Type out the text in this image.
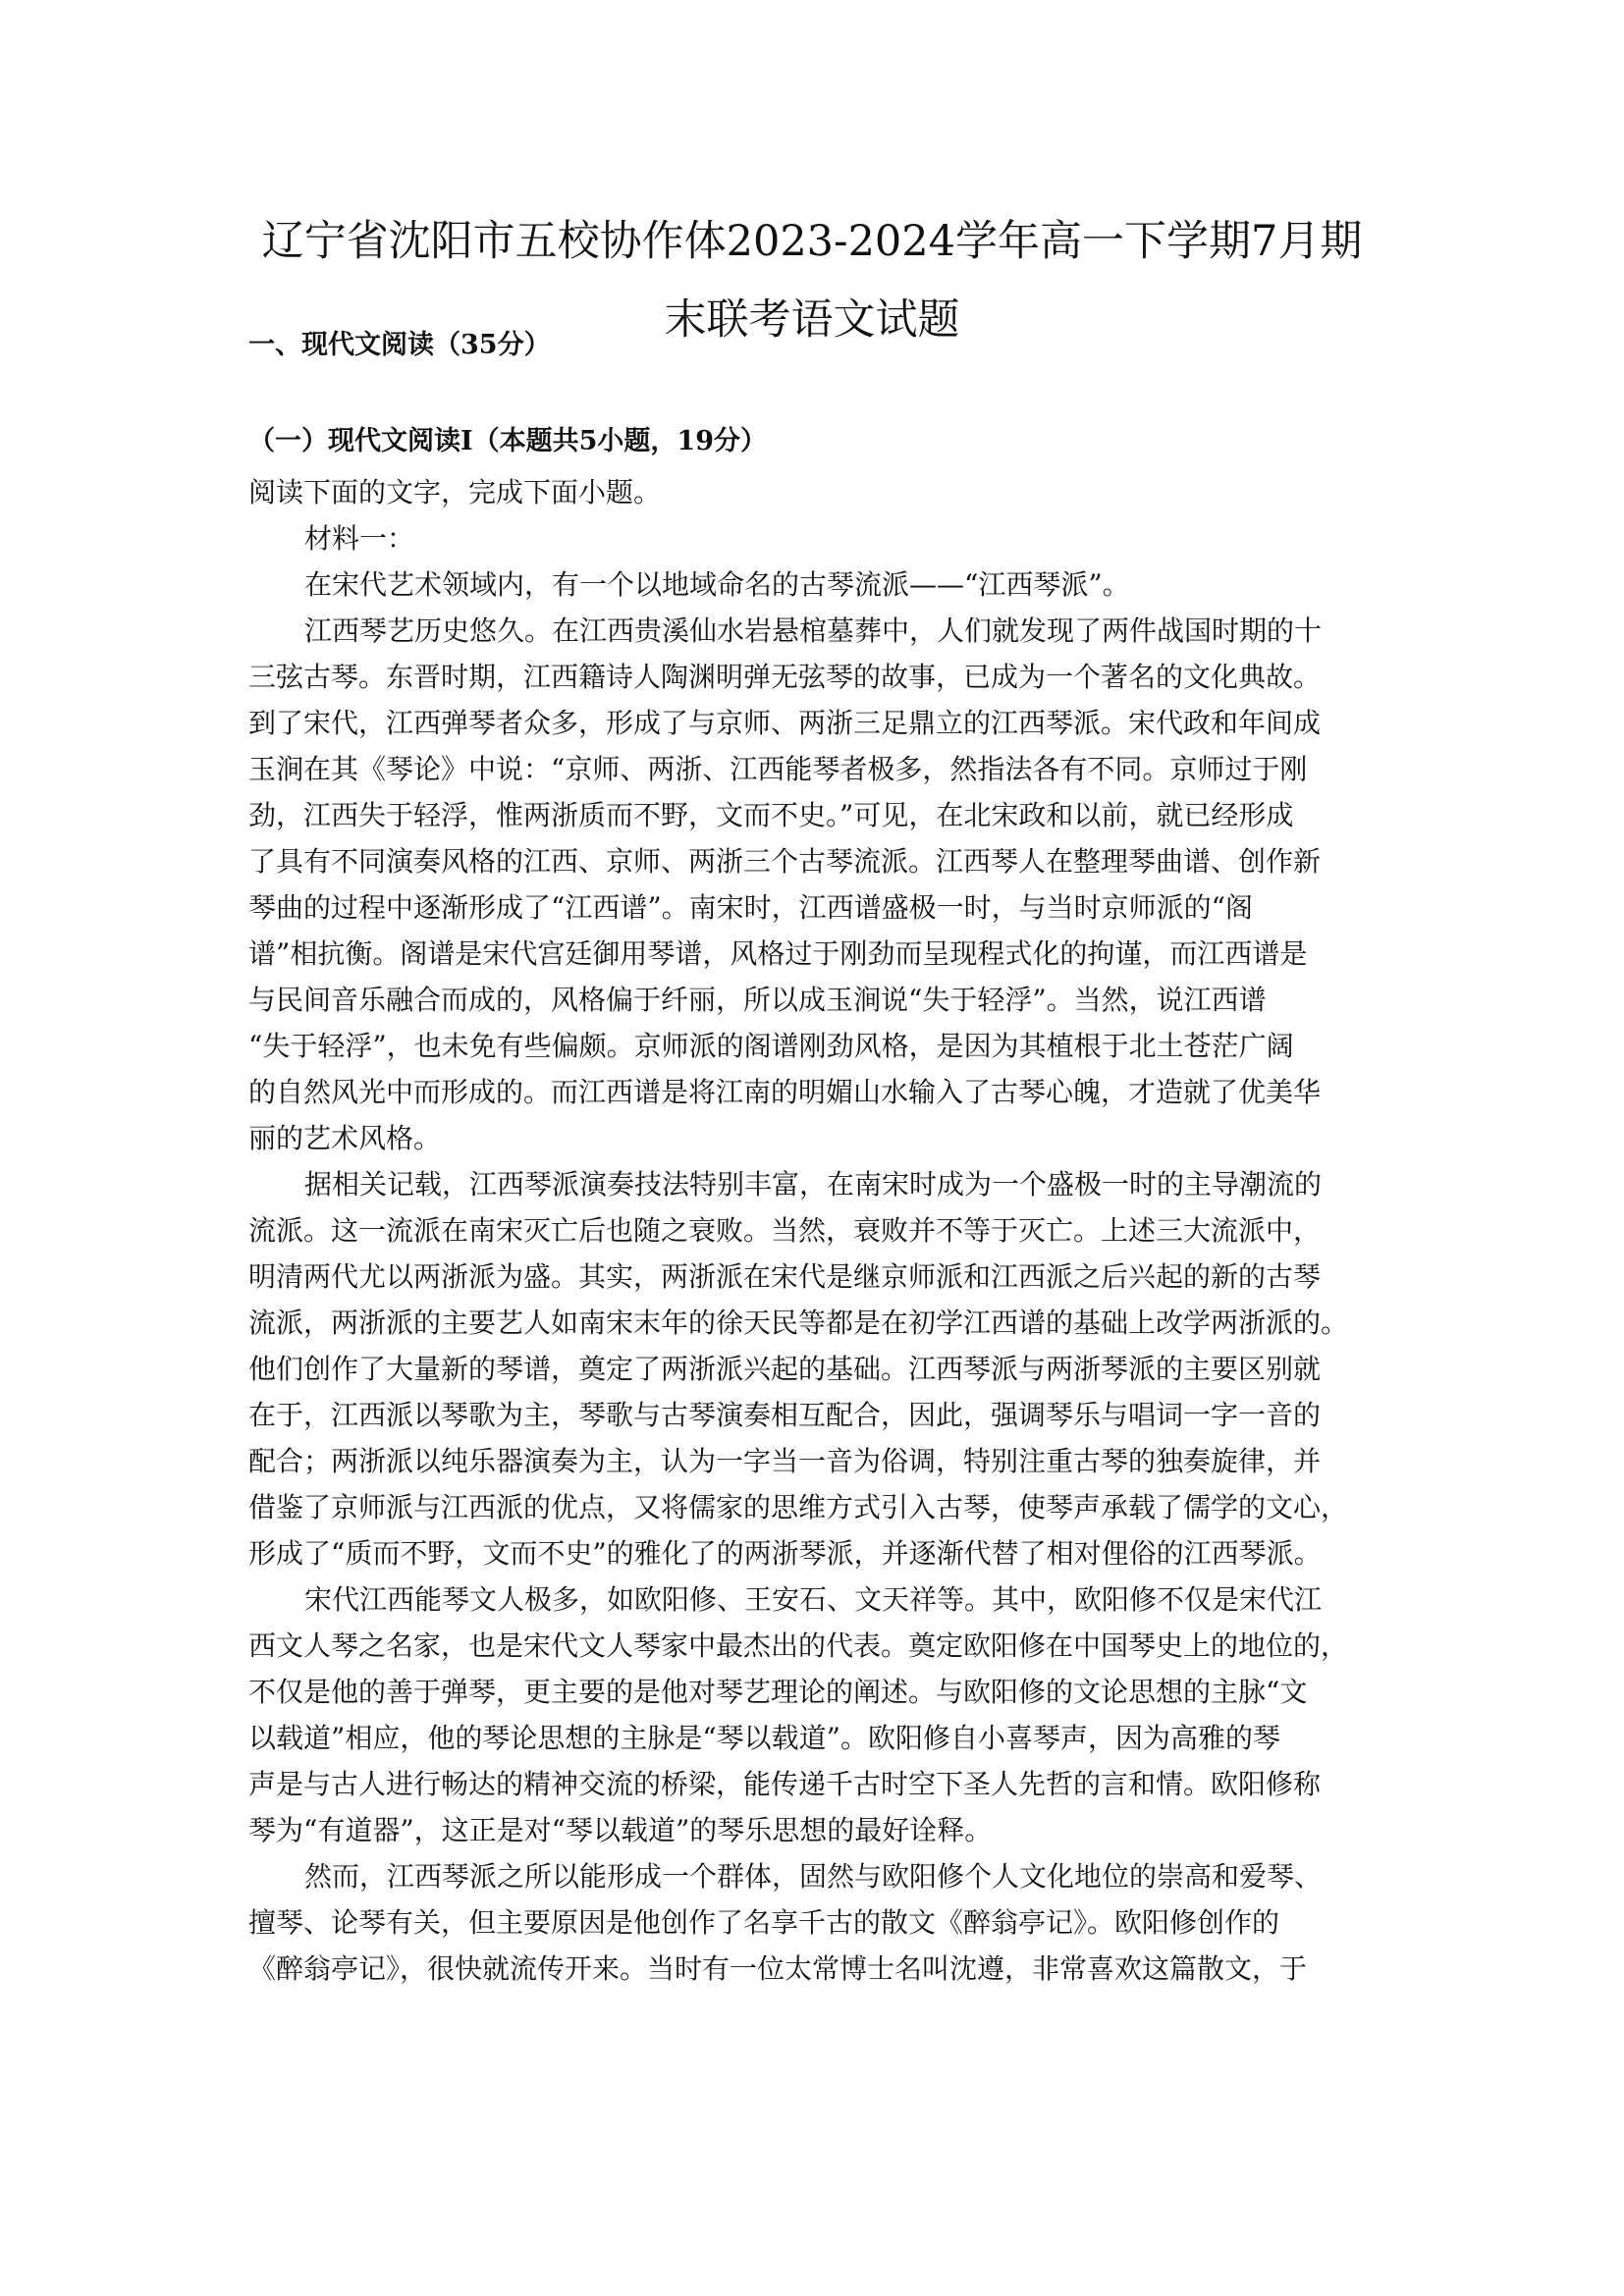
辽宁省沈阳市五校协作体2023-2024学年高一下学期7月期
末联考语文试题
一、现代文阅读（35分）
（一）现代文阅读Ⅰ（本题共5小题，19分）
阅读下面的文字，完成下面小题。
材料一：
在宋代艺术领域内，有一个以地域命名的古琴流派——“江西琴派”。
江西琴艺历史悠久。在江西贵溪仙水岩悬棺墓葬中，人们就发现了两件战国时期的十
三弦古琴。东晋时期，江西籍诗人陶渊明弹无弦琴的故事，已成为一个著名的文化典故。
到了宋代，江西弹琴者众多，形成了与京师、两浙三足鼎立的江西琴派。宋代政和年间成
玉涧在其《琴论》中说：“京师、两浙、江西能琴者极多，然指法各有不同。京师过于刚
劲，江西失于轻浮，惟两浙质而不野，文而不史。”可见，在北宋政和以前，就已经形成
了具有不同演奏风格的江西、京师、两浙三个古琴流派。江西琴人在整理琴曲谱、创作新
琴曲的过程中逐渐形成了“江西谱”。南宋时，江西谱盛极一时，与当时京师派的“阁
谱”相抗衡。阁谱是宋代宫廷御用琴谱，风格过于刚劲而呈现程式化的拘谨，而江西谱是
与民间音乐融合而成的，风格偏于纤丽，所以成玉涧说“失于轻浮”。当然，说江西谱
“失于轻浮”，也未免有些偏颇。京师派的阁谱刚劲风格，是因为其植根于北土苍茫广阔
的自然风光中而形成的。而江西谱是将江南的明媚山水输入了古琴心魄，才造就了优美华
丽的艺术风格。
据相关记载，江西琴派演奏技法特别丰富，在南宋时成为一个盛极一时的主导潮流的
流派。这一流派在南宋灭亡后也随之衰败。当然，衰败并不等于灭亡。上述三大流派中，
明清两代尤以两浙派为盛。其实，两浙派在宋代是继京师派和江西派之后兴起的新的古琴
流派，两浙派的主要艺人如南宋末年的徐天民等都是在初学江西谱的基础上改学两浙派的。
他们创作了大量新的琴谱，奠定了两浙派兴起的基础。江西琴派与两浙琴派的主要区别就
在于，江西派以琴歌为主，琴歌与古琴演奏相互配合，因此，强调琴乐与唱词一字一音的
配合；两浙派以纯乐器演奏为主，认为一字当一音为俗调，特别注重古琴的独奏旋律，并
借鉴了京师派与江西派的优点，又将儒家的思维方式引入古琴，使琴声承载了儒学的文心，
形成了“质而不野，文而不史”的雅化了的两浙琴派，并逐渐代替了相对俚俗的江西琴派。
宋代江西能琴文人极多，如欧阳修、王安石、文天祥等。其中，欧阳修不仅是宋代江
西文人琴之名家，也是宋代文人琴家中最杰出的代表。奠定欧阳修在中国琴史上的地位的，
不仅是他的善于弹琴，更主要的是他对琴艺理论的阐述。与欧阳修的文论思想的主脉“文
以载道”相应，他的琴论思想的主脉是“琴以载道”。欧阳修自小喜琴声，因为高雅的琴
声是与古人进行畅达的精神交流的桥梁，能传递千古时空下圣人先哲的言和情。欧阳修称
琴为“有道器”，这正是对“琴以载道”的琴乐思想的最好诠释。
然而，江西琴派之所以能形成一个群体，固然与欧阳修个人文化地位的崇高和爱琴、
擅琴、论琴有关，但主要原因是他创作了名享千古的散文《醉翁亭记》。欧阳修创作的
《醉翁亭记》，很快就流传开来。当时有一位太常博士名叫沈遵，非常喜欢这篇散文，于
